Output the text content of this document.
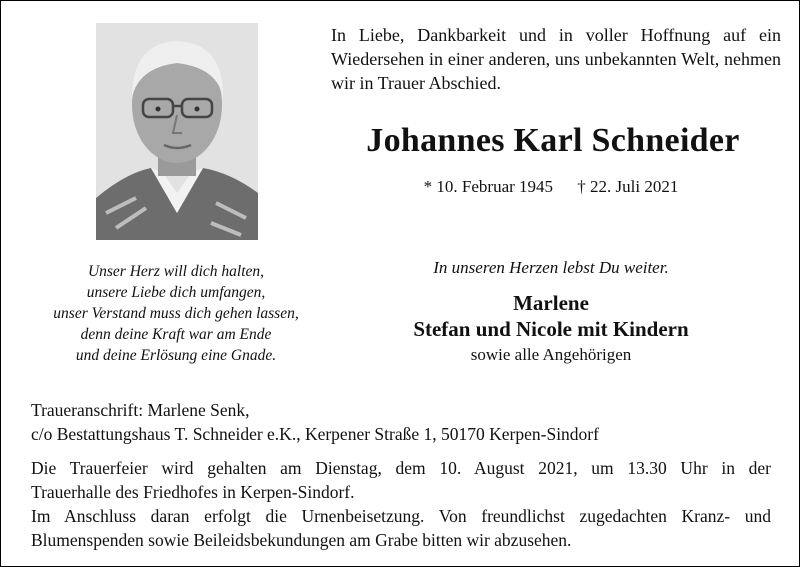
In Liebe, Dankbarkeit und in voller Hoffnung auf ein Wiedersehen in einer anderen, uns unbekannten Welt, nehmen wir in Trauer Abschied.
Johannes Karl Schneider
* 10. Februar 1945 † 22. Juli 2021
Unser Herz will dich halten,
unsere Liebe dich umfangen,
unser Verstand muss dich gehen lassen,
denn deine Kraft war am Ende
und deine Erlösung eine Gnade.
In unseren Herzen lebst Du weiter.
Marlene
Stefan und Nicole mit Kindern
sowie alle Angehörigen
Traueranschrift: Marlene Senk,
c/o Bestattungshaus T. Schneider e.K., Kerpener Straße 1, 50170 Kerpen-Sindorf
Die Trauerfeier wird gehalten am Dienstag, dem 10. August 2021, um 13.30 Uhr in der
Trauerhalle des Friedhofes in Kerpen-Sindorf.
Im Anschluss daran erfolgt die Urnenbeisetzung. Von freundlichst zugedachten Kranz- und
Blumenspenden sowie Beileidsbekundungen am Grabe bitten wir abzusehen.
